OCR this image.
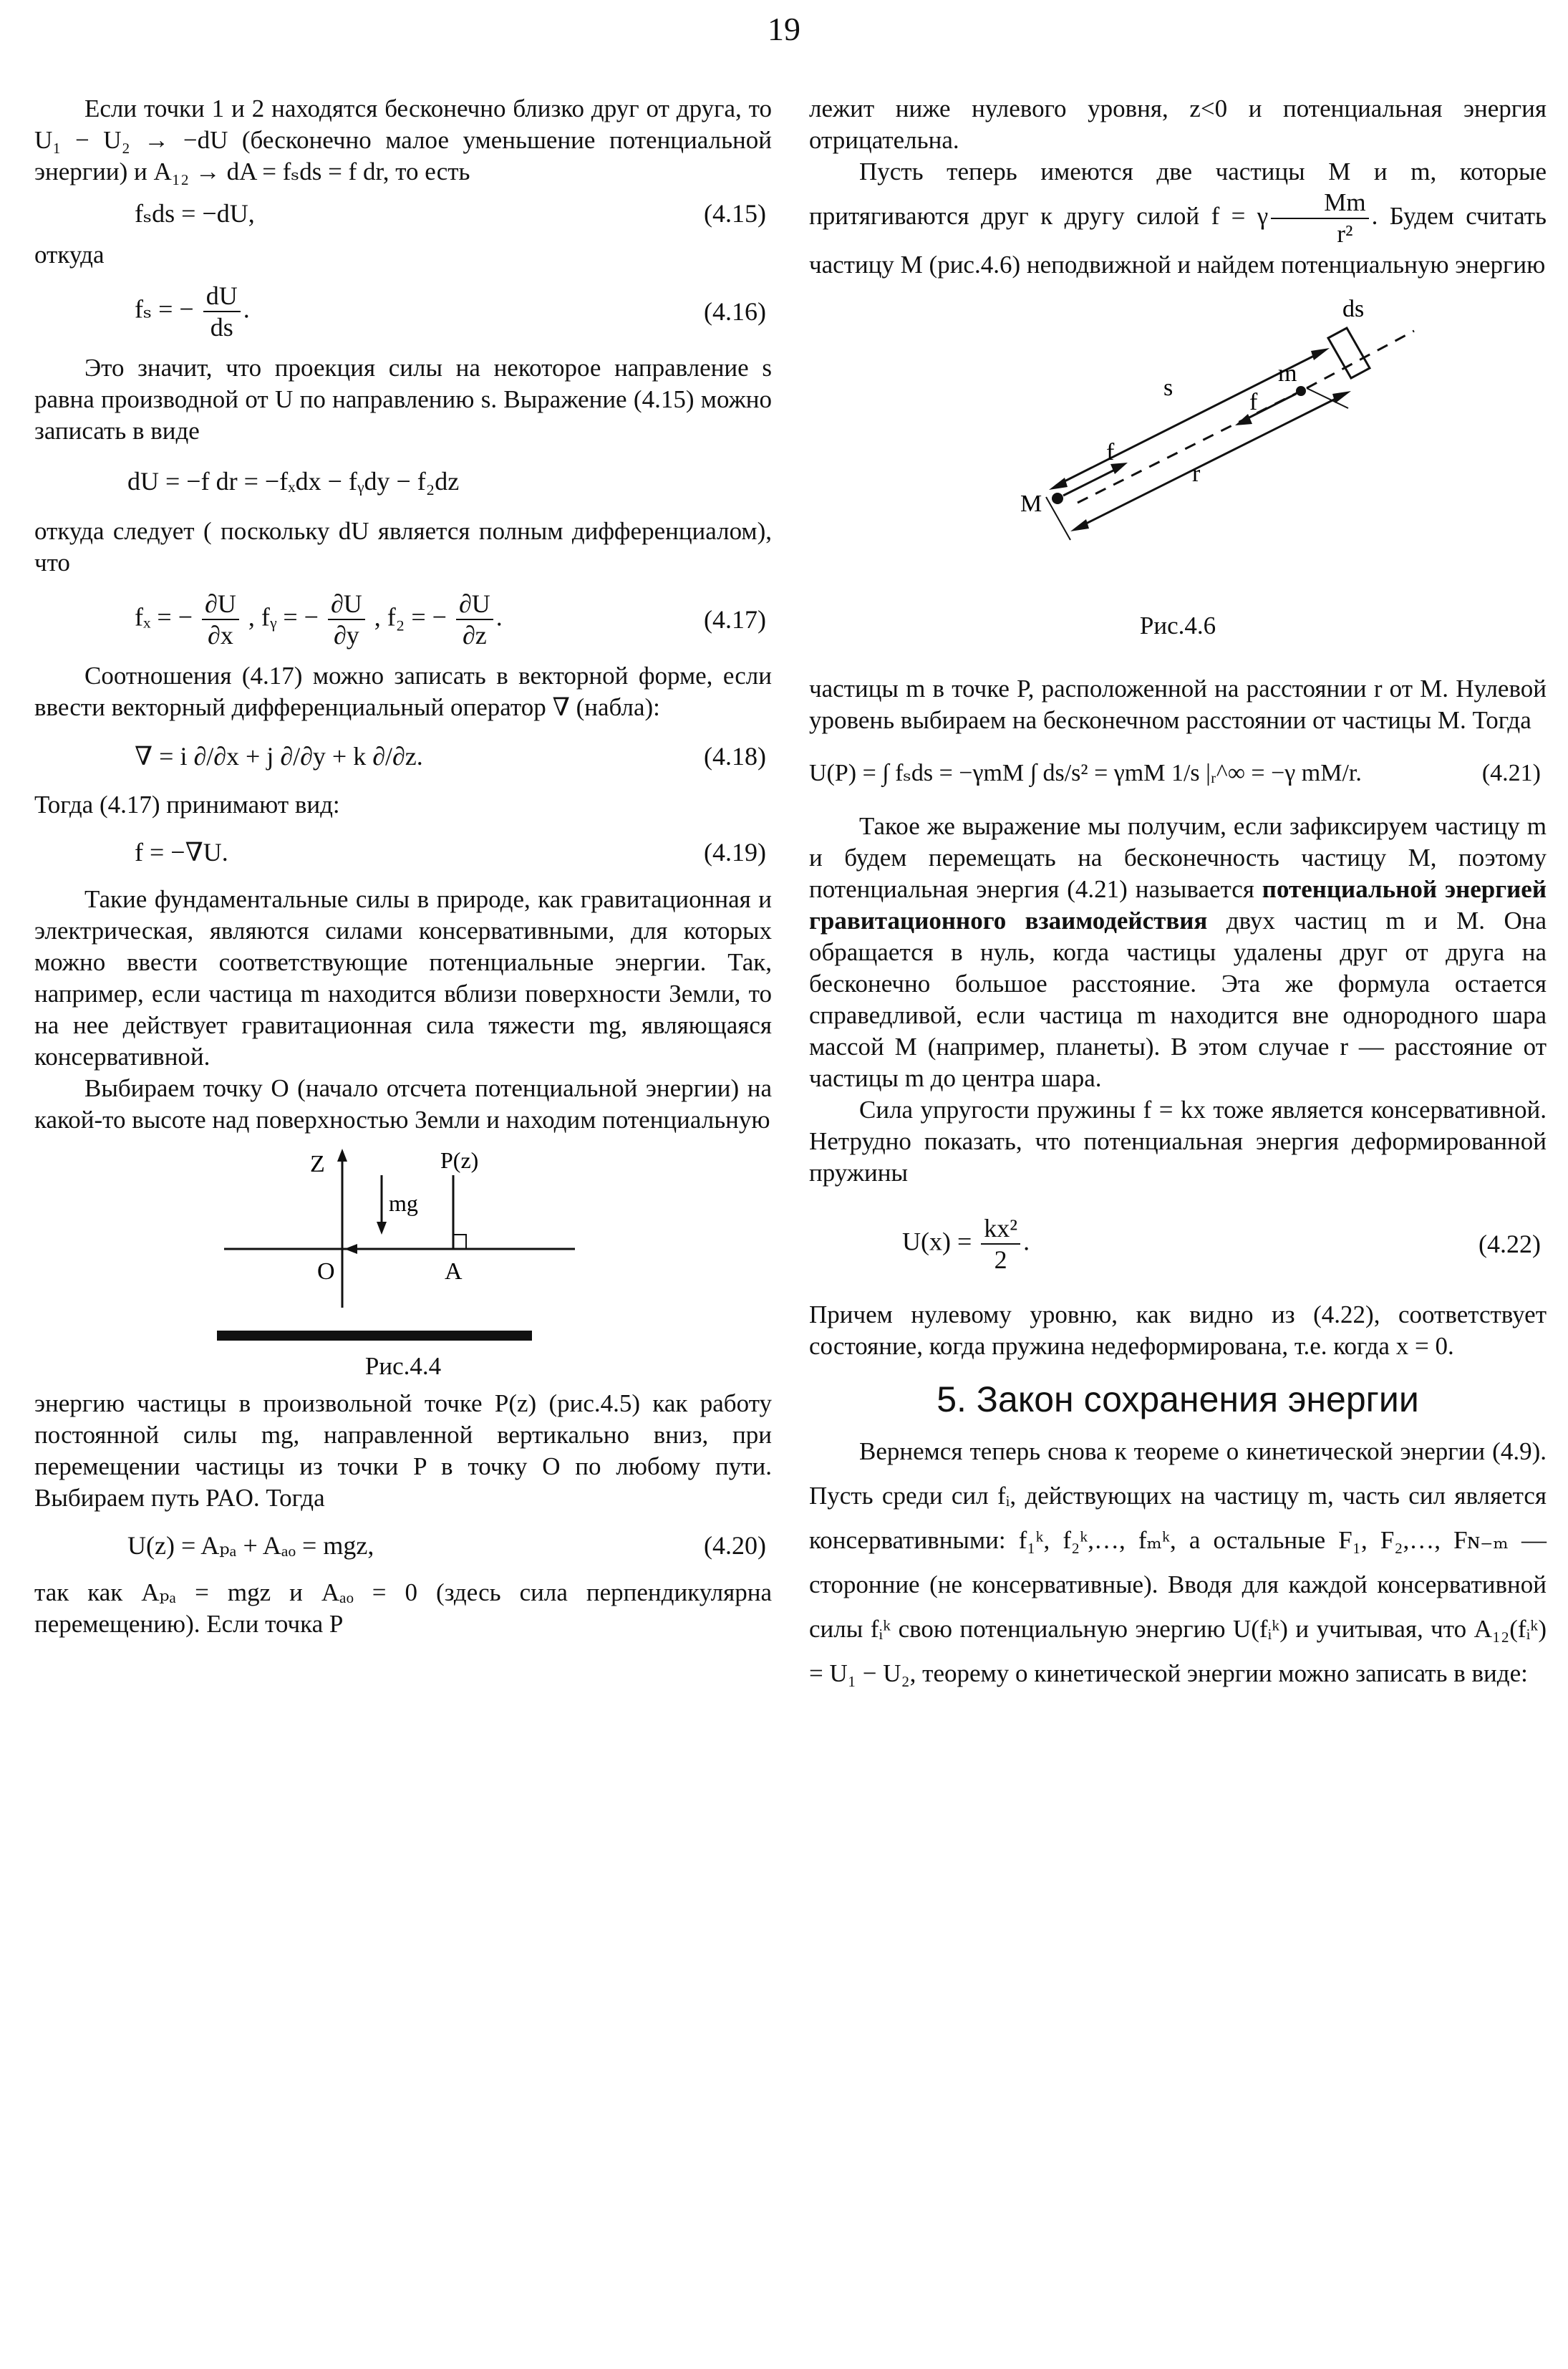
19

Если точки 1 и 2 находятся бесконечно близко друг от друга, то U₁ − U₂ → −dU (бесконечно малое уменьшение потенциальной энергии) и A₁₂ → dA = fₛds = f dr, то есть

fₛds = −dU,	(4.15)

откуда

fₛ = − $\frac{dU}{ds}$ .	(4.16)

Это значит, что проекция силы на некоторое направление s равна производной от U по направлению s. Выражение (4.15) можно записать в виде

dU = −f dr = −fₓdx − fᵧdy − f₂dz

откуда следует ( поскольку dU является полным дифференциалом), что

fₓ = − $\frac{\partial U}{\partial x}$ , fᵧ = − $\frac{\partial U}{\partial y}$ , f₂ = − $\frac{\partial U}{\partial z}$ .	(4.17)

Соотношения (4.17) можно записать в векторной форме, если ввести векторный дифференциальный оператор ∇ (набла):

∇ = i ∂/∂x + j ∂/∂y + k ∂/∂z.	(4.18)

Тогда (4.17) принимают вид:

f = −∇U.	(4.19)

Такие фундаментальные силы в природе, как гравитационная и электрическая, являются силами консервативными, для которых можно ввести соответствующие потенциальные энергии. Так, например, если частица m находится вблизи поверхности Земли, то на нее действует гравитационная сила тяжести mg, являющаяся консервативной.

Выбираем точку O (начало отсчета потенциальной энергии) на какой-то высоте над поверхностью Земли и находим потенциальную

Z
mg
P(z)
O	A
Рис.4.4

энергию частицы в произвольной точке P(z) (рис.4.5) как работу постоянной силы mg, направленной вертикально вниз, при перемещении частицы из точки P в точку O по любому пути. Выбираем путь PAO. Тогда

U(z) = Aₚₐ + Aₐₒ = mgz,	(4.20)

так как Aₚₐ = mgz и Aₐₒ = 0 (здесь сила перпендикулярна перемещению). Если точка P

лежит ниже нулевого уровня, z<0 и потенциальная энергия отрицательна.

Пусть теперь имеются две частицы M и m, которые притягиваются друг к другу силой f = γ $\frac{Mm}{\text{r²}}$ . Будем считать частицу M (рис.4.6) неподвижной и найдем потенциальную энергию

ds
s
m
f
f
r
M
Рис.4.6

частицы m в точке P, расположенной на расстоянии r от M. Нулевой уровень выбираем на бесконечном расстоянии от частицы M. Тогда

U(P) = ∫ fₛds = −γmM ∫ ds/s² = γmM 1/s |ᵣ^∞ = −γ mM/r.	(4.21)

Такое же выражение мы получим, если зафиксируем частицу m и будем перемещать на бесконечность частицу M, поэтому потенциальная энергия (4.21) называется потенциальной энергией гравитационного взаимодействия двух частиц m и M. Она обращается в нуль, когда частицы удалены друг от друга на бесконечно большое расстояние. Эта же формула остается справедливой, если частица m находится вне однородного шара массой M (например, планеты). В этом случае r — расстояние от частицы m до центра шара.

Сила упругости пружины f = kx тоже является консервативной. Нетрудно показать, что потенциальная энергия деформированной пружины

$U(x) = \frac{\text{kx²}}{2}$ .	(4.22)

Причем нулевому уровню, как видно из (4.22), соответствует состояние, когда пружина недеформирована, т.е. когда x = 0.

5. Закон сохранения энергии

Вернемся теперь снова к теореме о кинетической энергии (4.9). Пусть среди сил fᵢ, действующих на частицу m, часть сил является консервативными: f₁ᵏ, f₂ᵏ,…, fₘᵏ, а остальные F₁, F₂,…, Fɴ₋ₘ — сторонние (не консервативные). Вводя для каждой консервативной силы fᵢᵏ свою потенциальную энергию U(fᵢᵏ) и учитывая, что A₁₂(fᵢᵏ) = U₁ − U₂, теорему о кинетической энергии можно записать в виде:
